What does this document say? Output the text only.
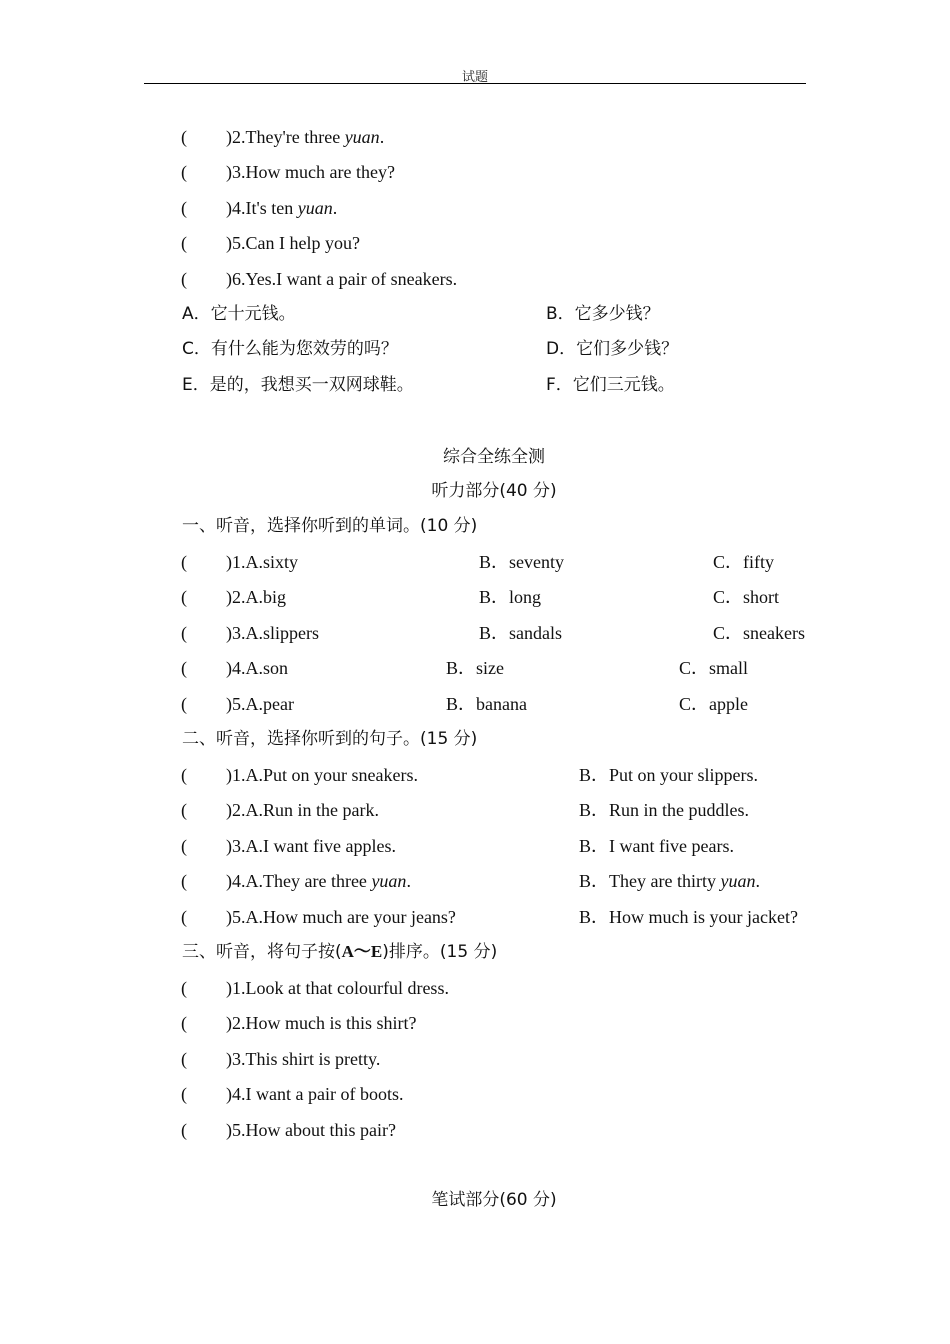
试题
( )2.They're three yuan.
( )3.How much are they?
( )4.It's ten yuan.
( )5.Can I help you?
( )6.Yes.I want a pair of sneakers.
A．它十元钱。	B．它多少钱？
C．有什么能为您效劳的吗？	D．它们多少钱？
E．是的，我想买一双网球鞋。	F．它们三元钱。
综合全练全测
听力部分(40 分)
一、听音，选择你听到的单词。(10 分)
( )1.A.sixty	B．seventy	C．fifty
( )2.A.big	B．long	C．short
( )3.A.slippers	B．sandals	C．sneakers
( )4.A.son	B．size	C．small
( )5.A.pear	B．banana	C．apple
二、听音，选择你听到的句子。(15 分)
( )1.A.Put on your sneakers.	B．Put on your slippers.
( )2.A.Run in the park.	B．Run in the puddles.
( )3.A.I want five apples.	B．I want five pears.
( )4.A.They are three yuan.	B．They are thirty yuan.
( )5.A.How much are your jeans?	B．How much is your jacket?
三、听音，将句子按(A～E)排序。(15 分)
( )1.Look at that colourful dress.
( )2.How much is this shirt?
( )3.This shirt is pretty.
( )4.I want a pair of boots.
( )5.How about this pair?
笔试部分(60 分)
